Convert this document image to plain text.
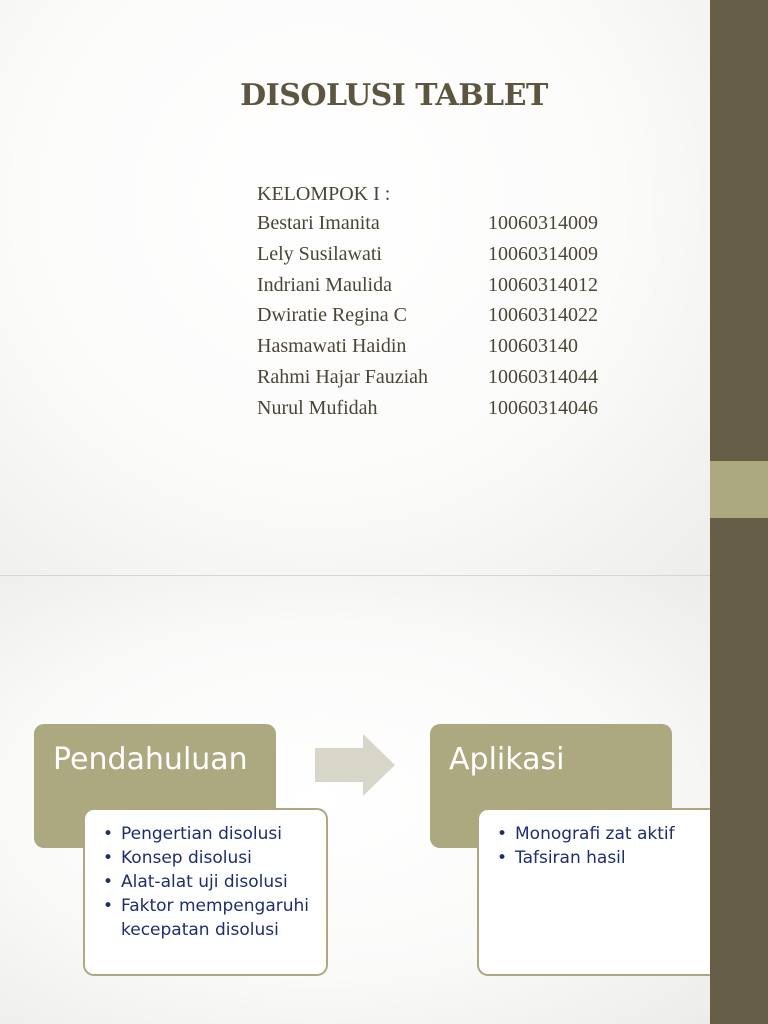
DISOLUSI TABLET
KELOMPOK I :
Bestari Imanita	10060314009
Lely Susilawati	10060314009
Indriani Maulida	10060314012
Dwiratie Regina C	10060314022
Hasmawati Haidin	100603140
Rahmi Hajar Fauziah	10060314044
Nurul Mufidah	10060314046
Pendahuluan
• Pengertian disolusi
• Konsep disolusi
• Alat-alat uji disolusi
• Faktor mempengaruhi kecepatan disolusi
Aplikasi
• Monografi zat aktif
• Tafsiran hasil
